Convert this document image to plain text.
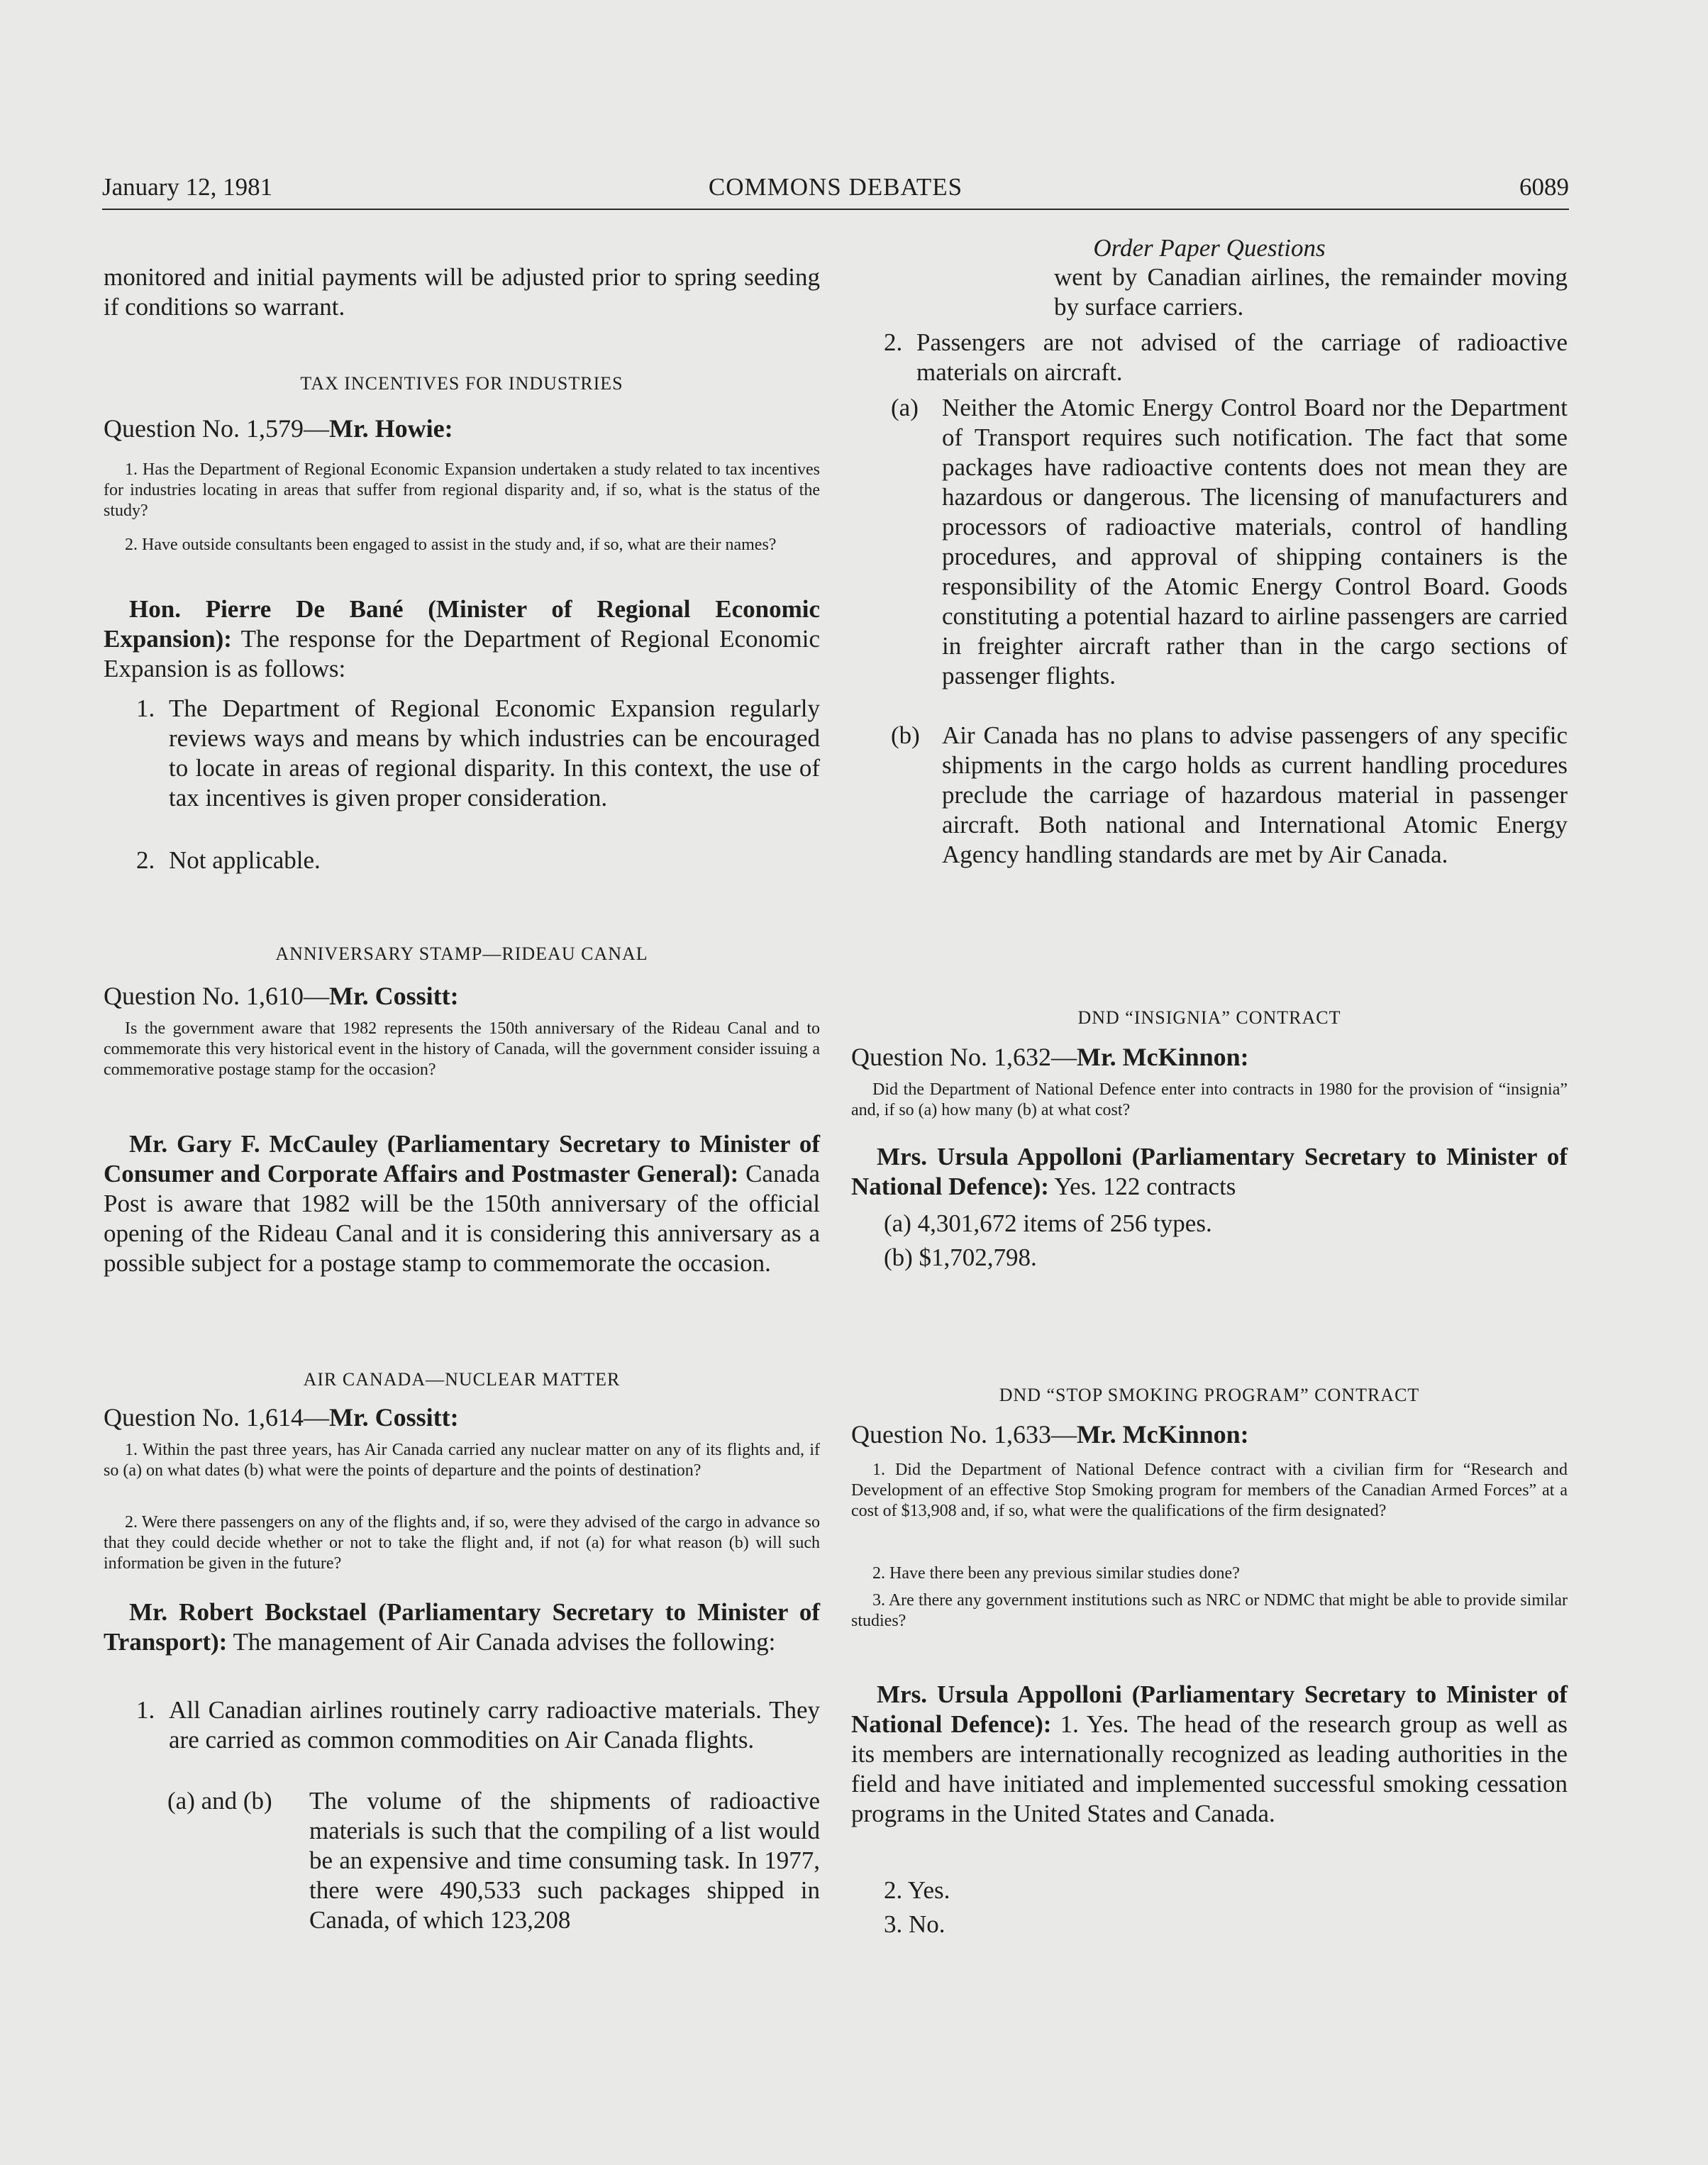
January 12, 1981	COMMONS DEBATES	6089

monitored and initial payments will be adjusted prior to spring seeding if conditions so warrant.

TAX INCENTIVES FOR INDUSTRIES

Question No. 1,579—Mr. Howie:

1. Has the Department of Regional Economic Expansion undertaken a study related to tax incentives for industries locating in areas that suffer from regional disparity and, if so, what is the status of the study?

2. Have outside consultants been engaged to assist in the study and, if so, what are their names?

Hon. Pierre De Bané (Minister of Regional Economic Expansion): The response for the Department of Regional Economic Expansion is as follows:

1. The Department of Regional Economic Expansion regularly reviews ways and means by which industries can be encouraged to locate in areas of regional disparity. In this context, the use of tax incentives is given proper consideration.
2. Not applicable.

ANNIVERSARY STAMP—RIDEAU CANAL

Question No. 1,610—Mr. Cossitt:

Is the government aware that 1982 represents the 150th anniversary of the Rideau Canal and to commemorate this very historical event in the history of Canada, will the government consider issuing a commemorative postage stamp for the occasion?

Mr. Gary F. McCauley (Parliamentary Secretary to Minister of Consumer and Corporate Affairs and Postmaster General): Canada Post is aware that 1982 will be the 150th anniversary of the official opening of the Rideau Canal and it is considering this anniversary as a possible subject for a postage stamp to commemorate the occasion.

AIR CANADA—NUCLEAR MATTER

Question No. 1,614—Mr. Cossitt:

1. Within the past three years, has Air Canada carried any nuclear matter on any of its flights and, if so (a) on what dates (b) what were the points of departure and the points of destination?

2. Were there passengers on any of the flights and, if so, were they advised of the cargo in advance so that they could decide whether or not to take the flight and, if not (a) for what reason (b) will such information be given in the future?

Mr. Robert Bockstael (Parliamentary Secretary to Minister of Transport): The management of Air Canada advises the following:

1. All Canadian airlines routinely carry radioactive materials. They are carried as common commodities on Air Canada flights.
(a) and (b) The volume of the shipments of radioactive materials is such that the compiling of a list would be an expensive and time consuming task. In 1977, there were 490,533 such packages shipped in Canada, of which 123,208

Order Paper Questions

went by Canadian airlines, the remainder moving by surface carriers.

2. Passengers are not advised of the carriage of radioactive materials on aircraft.
(a) Neither the Atomic Energy Control Board nor the Department of Transport requires such notification. The fact that some packages have radioactive contents does not mean they are hazardous or dangerous. The licensing of manufacturers and processors of radioactive materials, control of handling procedures, and approval of shipping containers is the responsibility of the Atomic Energy Control Board. Goods constituting a potential hazard to airline passengers are carried in freighter aircraft rather than in the cargo sections of passenger flights.
(b) Air Canada has no plans to advise passengers of any specific shipments in the cargo holds as current handling procedures preclude the carriage of hazardous material in passenger aircraft. Both national and International Atomic Energy Agency handling standards are met by Air Canada.

DND “INSIGNIA” CONTRACT

Question No. 1,632—Mr. McKinnon:

Did the Department of National Defence enter into contracts in 1980 for the provision of “insignia” and, if so (a) how many (b) at what cost?

Mrs. Ursula Appolloni (Parliamentary Secretary to Minister of National Defence): Yes. 122 contracts

(a) 4,301,672 items of 256 types.

(b) $1,702,798.

DND “STOP SMOKING PROGRAM” CONTRACT

Question No. 1,633—Mr. McKinnon:

1. Did the Department of National Defence contract with a civilian firm for “Research and Development of an effective Stop Smoking program for members of the Canadian Armed Forces” at a cost of $13,908 and, if so, what were the qualifications of the firm designated?

2. Have there been any previous similar studies done?

3. Are there any government institutions such as NRC or NDMC that might be able to provide similar studies?

Mrs. Ursula Appolloni (Parliamentary Secretary to Minister of National Defence): 1. Yes. The head of the research group as well as its members are internationally recognized as leading authorities in the field and have initiated and implemented successful smoking cessation programs in the United States and Canada.

2. Yes.

3. No.
